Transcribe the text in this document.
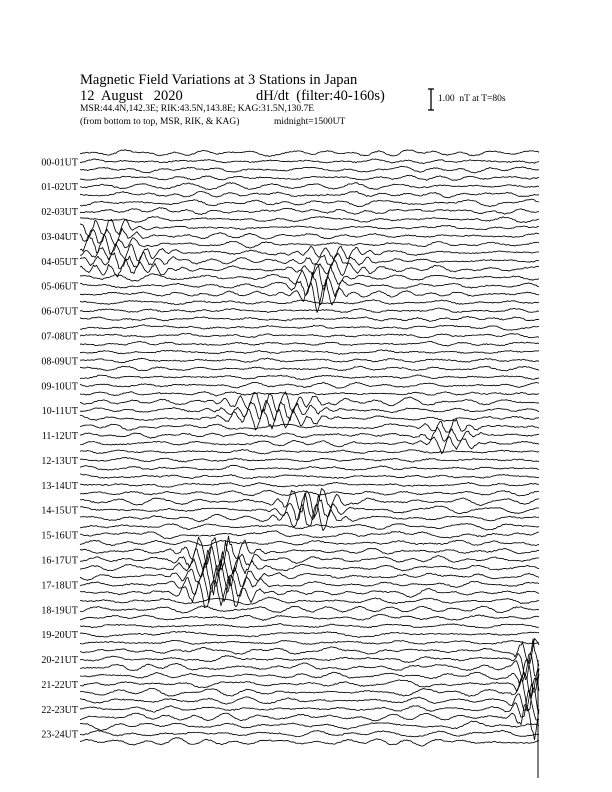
Magnetic Field Variations at 3 Stations in Japan
12  August   2020	dH/dt  (filter:40-160s)
MSR:44.4N,142.3E; RIK:43.5N,143.8E; KAG:31.5N,130.7E
(from bottom to top, MSR, RIK, & KAG)	midnight=1500UT
1.00  nT at T=80s
00-01UT
01-02UT
02-03UT
03-04UT
04-05UT
05-06UT
06-07UT
07-08UT
08-09UT
09-10UT
10-11UT
11-12UT
12-13UT
13-14UT
14-15UT
15-16UT
16-17UT
17-18UT
18-19UT
19-20UT
20-21UT
21-22UT
22-23UT
23-24UT
